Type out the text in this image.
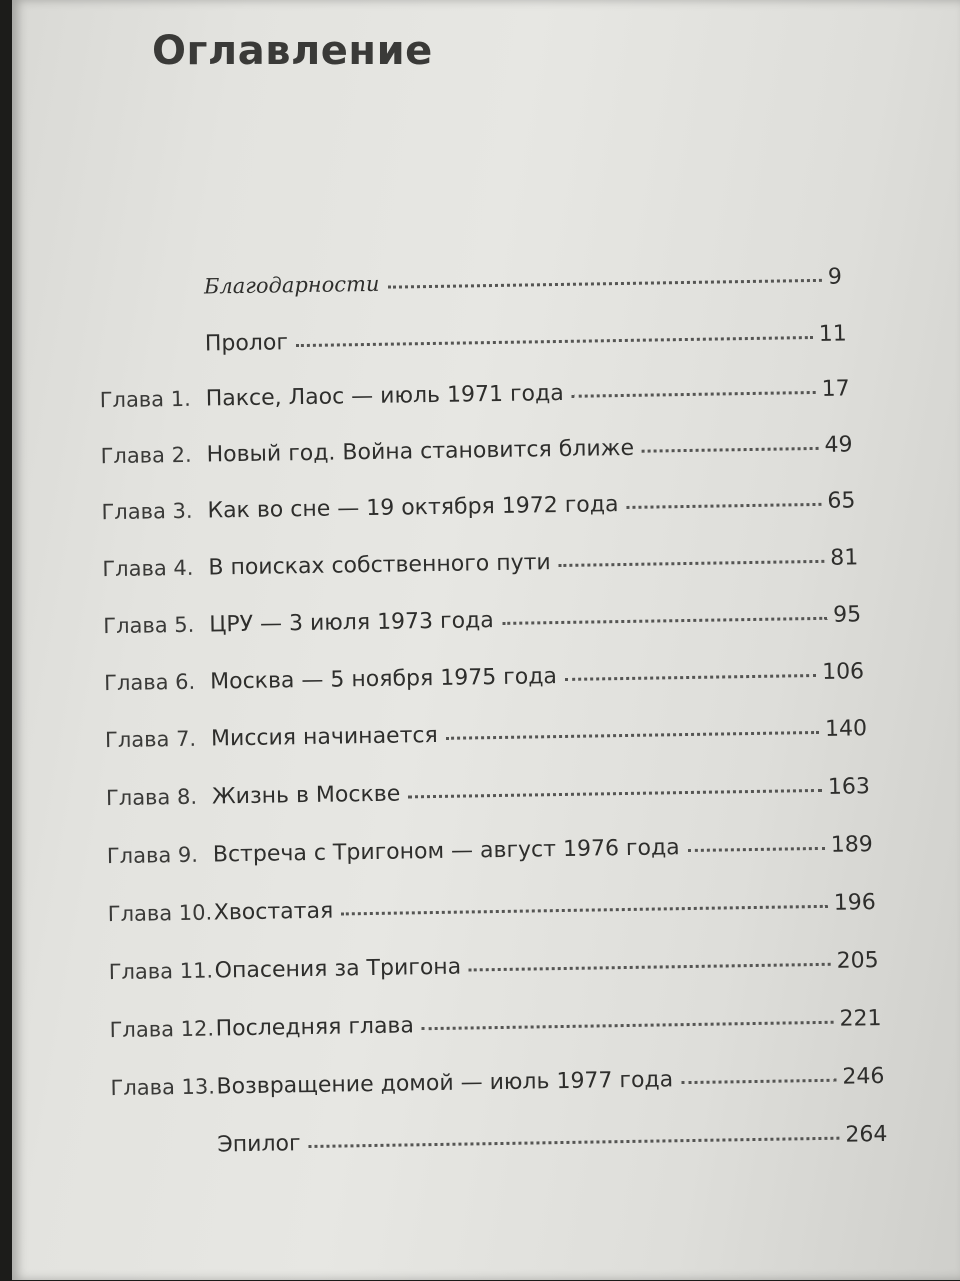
Оглавление
Благодарности	9
Пролог	11
Глава 1. Паксе, Лаос — июль 1971 года	17
Глава 2. Новый год. Война становится ближе	49
Глава 3. Как во сне — 19 октября 1972 года	65
Глава 4. В поисках собственного пути	81
Глава 5. ЦРУ — 3 июля 1973 года	95
Глава 6. Москва — 5 ноября 1975 года	106
Глава 7. Миссия начинается	140
Глава 8. Жизнь в Москве	163
Глава 9. Встреча с Тригоном — август 1976 года	189
Глава 10. Хвостатая	196
Глава 11. Опасения за Тригона	205
Глава 12. Последняя глава	221
Глава 13. Возвращение домой — июль 1977 года	246
Эпилог	264
